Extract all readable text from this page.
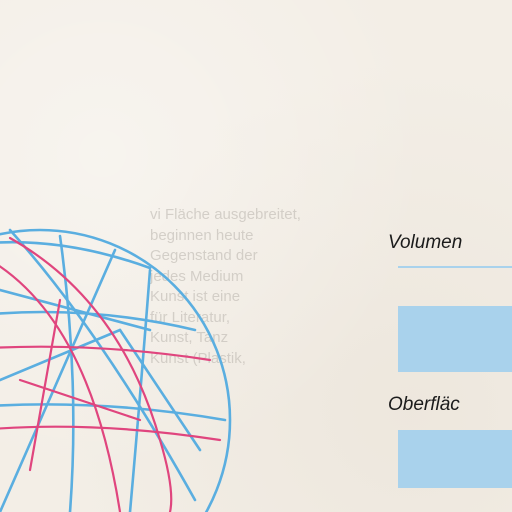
vi Fläche ausgebreitet,
beginnen heute
Gegenstand der
jedes Medium
Kunst ist eine
für Literatur,
Kunst, Tanz
Kunst (Plastik,
Volumen
Oberfläc
